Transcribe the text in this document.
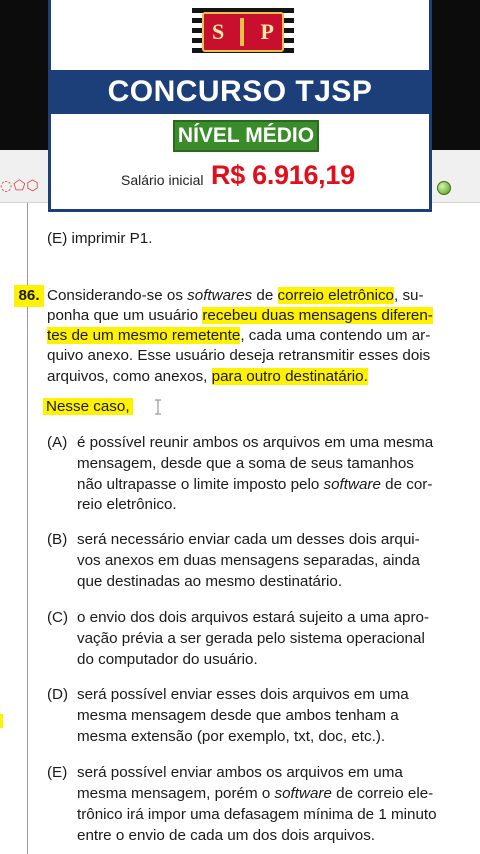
◌⬠⬡
S P
CONCURSO TJSP
NÍVEL MÉDIO
Salário inicial R$ 6.916,19
(E) imprimir P1.
86. Considerando-se os softwares de correio eletrônico, su-
ponha que um usuário recebeu duas mensagens diferen-
tes de um mesmo remetente, cada uma contendo um ar-
quivo anexo. Esse usuário deseja retransmitir esses dois
arquivos, como anexos, para outro destinatário.
Nesse caso,
(A) é possível reunir ambos os arquivos em uma mesma
mensagem, desde que a soma de seus tamanhos
não ultrapasse o limite imposto pelo software de cor-
reio eletrônico.
(B) será necessário enviar cada um desses dois arqui-
vos anexos em duas mensagens separadas, ainda
que destinadas ao mesmo destinatário.
(C) o envio dos dois arquivos estará sujeito a uma apro-
vação prévia a ser gerada pelo sistema operacional
do computador do usuário.
(D) será possível enviar esses dois arquivos em uma
mesma mensagem desde que ambos tenham a
mesma extensão (por exemplo, txt, doc, etc.).
(E) será possível enviar ambos os arquivos em uma
mesma mensagem, porém o software de correio ele-
trônico irá impor uma defasagem mínima de 1 minuto
entre o envio de cada um dos dois arquivos.
